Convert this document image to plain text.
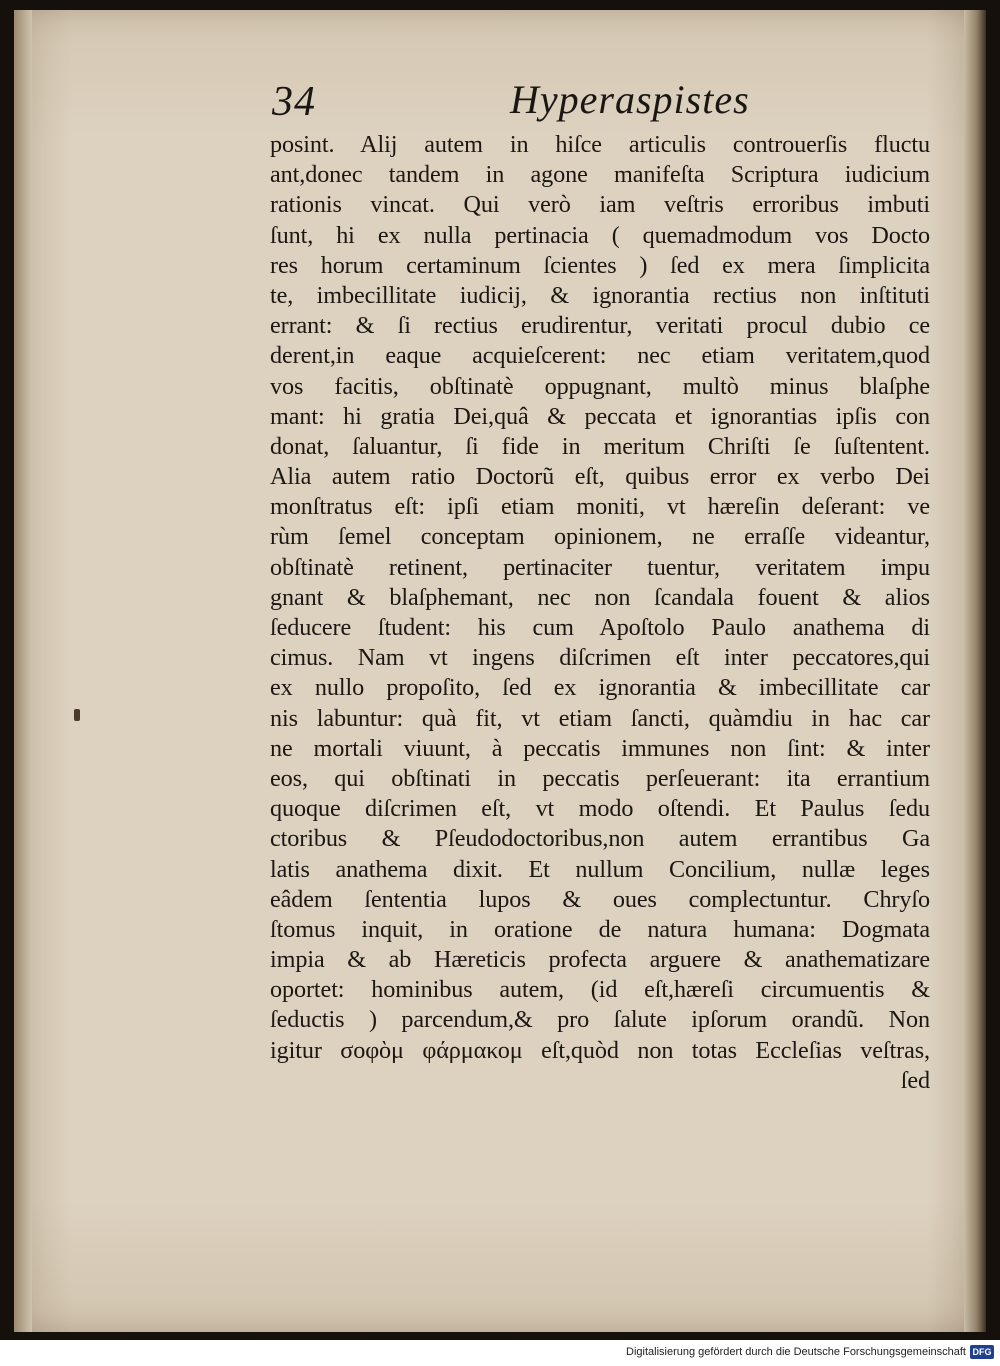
34	Hyperaspistes
posint. Alij autem in hiſce articulis controuerſis fluctu
ant,donec tandem in agone manifeſta Scriptura iudicium
rationis vincat. Qui verò iam veſtris erroribus imbuti
ſunt, hi ex nulla pertinacia ( quemadmodum vos Docto
res horum certaminum ſcientes ) ſed ex mera ſimplicita
te, imbecillitate iudicij, & ignorantia rectius non inſtituti
errant: & ſi rectius erudirentur, veritati procul dubio ce
derent,in eaque acquieſcerent: nec etiam veritatem,quod
vos facitis, obſtinatè oppugnant, multò minus blaſphe
mant: hi gratia Dei,quâ & peccata et ignorantias ipſis con
donat, ſaluantur, ſi fide in meritum Chriſti ſe ſuſtentent.
Alia autem ratio Doctorũ eſt, quibus error ex verbo Dei
monſtratus eſt: ipſi etiam moniti, vt hæreſin deſerant: ve
rùm ſemel conceptam opinionem, ne erraſſe videantur,
obſtinatè retinent, pertinaciter tuentur, veritatem impu
gnant & blaſphemant, nec non ſcandala fouent & alios
ſeducere ſtudent: his cum Apoſtolo Paulo anathema di
cimus. Nam vt ingens diſcrimen eſt inter peccatores,qui
ex nullo propoſito, ſed ex ignorantia & imbecillitate car
nis labuntur: quà fit, vt etiam ſancti, quàmdiu in hac car
ne mortali viuunt, à peccatis immunes non ſint: & inter
eos, qui obſtinati in peccatis perſeuerant: ita errantium
quoque diſcrimen eſt, vt modo oſtendi. Et Paulus ſedu
ctoribus & Pſeudodoctoribus,non autem errantibus Ga
latis anathema dixit. Et nullum Concilium, nullæ leges
eâdem ſententia lupos & oues complectuntur. Chryſo
ſtomus inquit, in oratione de natura humana: Dogmata
impia & ab Hæreticis profecta arguere & anathematizare
oportet: hominibus autem, (id eſt,hæreſi circumuentis &
ſeductis ) parcendum,& pro ſalute ipſorum orandũ. Non
igitur σοφὸμ φάρμακομ eſt,quòd non totas Eccleſias veſtras,
ſed
Digitalisierung gefördert durch die Deutsche Forschungsgemeinschaft DFG
